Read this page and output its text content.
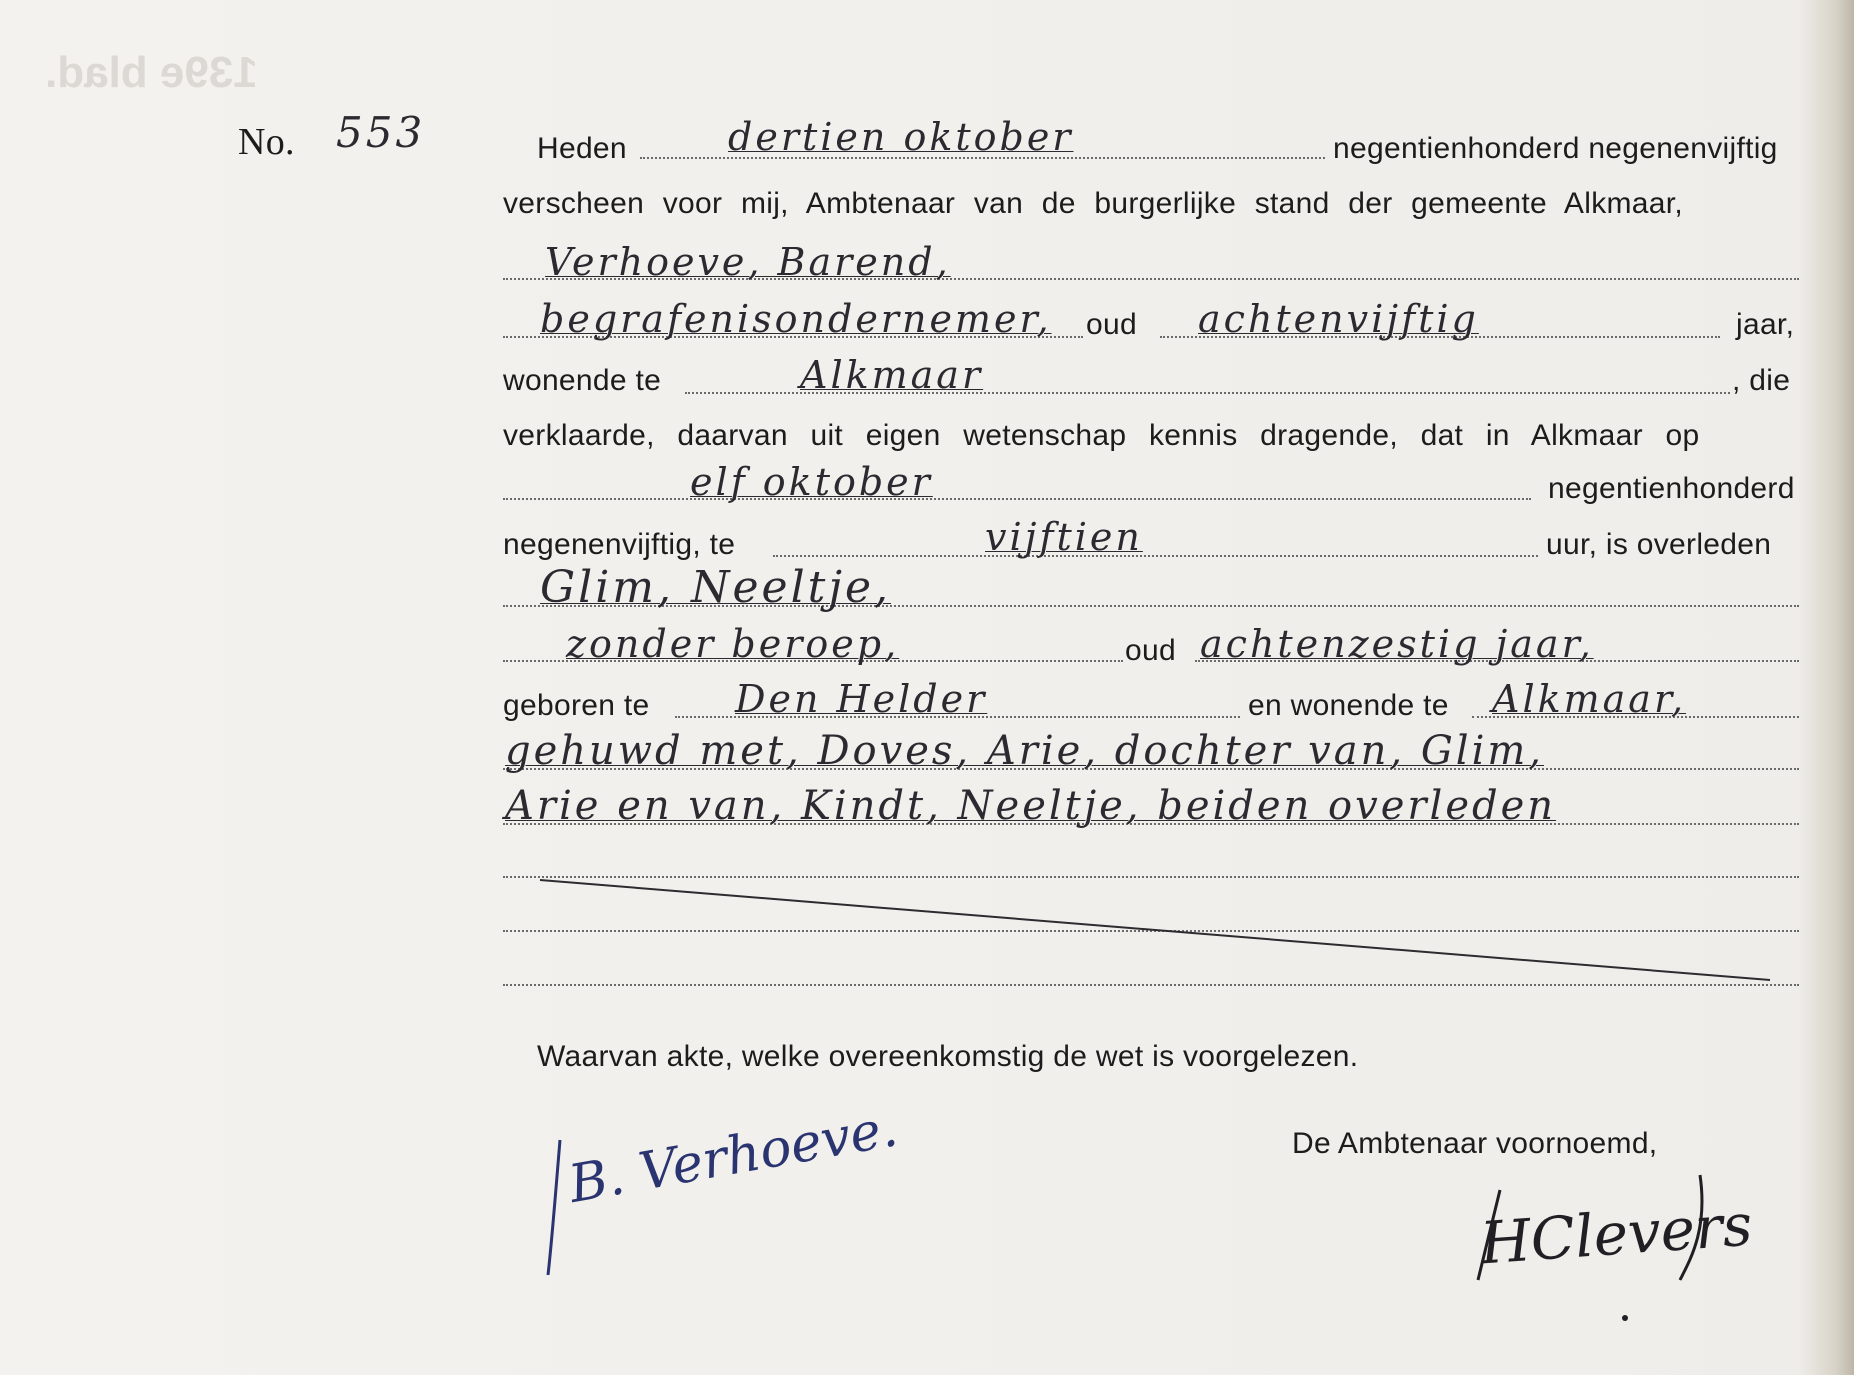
139e blad.
No. 553	Heden	dertien oktober	negentienhonderd negenenvijftig
verscheen voor mij, Ambtenaar van de burgerlijke stand der gemeente Alkmaar,
Verhoeve, Barend,
begrafenisondernemer, oud achtenvijftig	jaar,
wonende te	Alkmaar	, die
verklaarde, daarvan uit eigen wetenschap kennis dragende, dat in Alkmaar op
elf oktober	negentienhonderd
negenenvijftig, te	vijftien	uur, is overleden
Glim, Neeltje,
zonder beroep,	oud achtenzestig jaar,
geboren te Den Helder	en wonende te Alkmaar,
gehuwd met, Doves, Arie, dochter van, Glim,
Arie en van, Kindt, Neeltje, beiden overleden
Waarvan akte, welke overeenkomstig de wet is voorgelezen.
De Ambtenaar voornoemd,
B. Verhoeve.
HClevers
